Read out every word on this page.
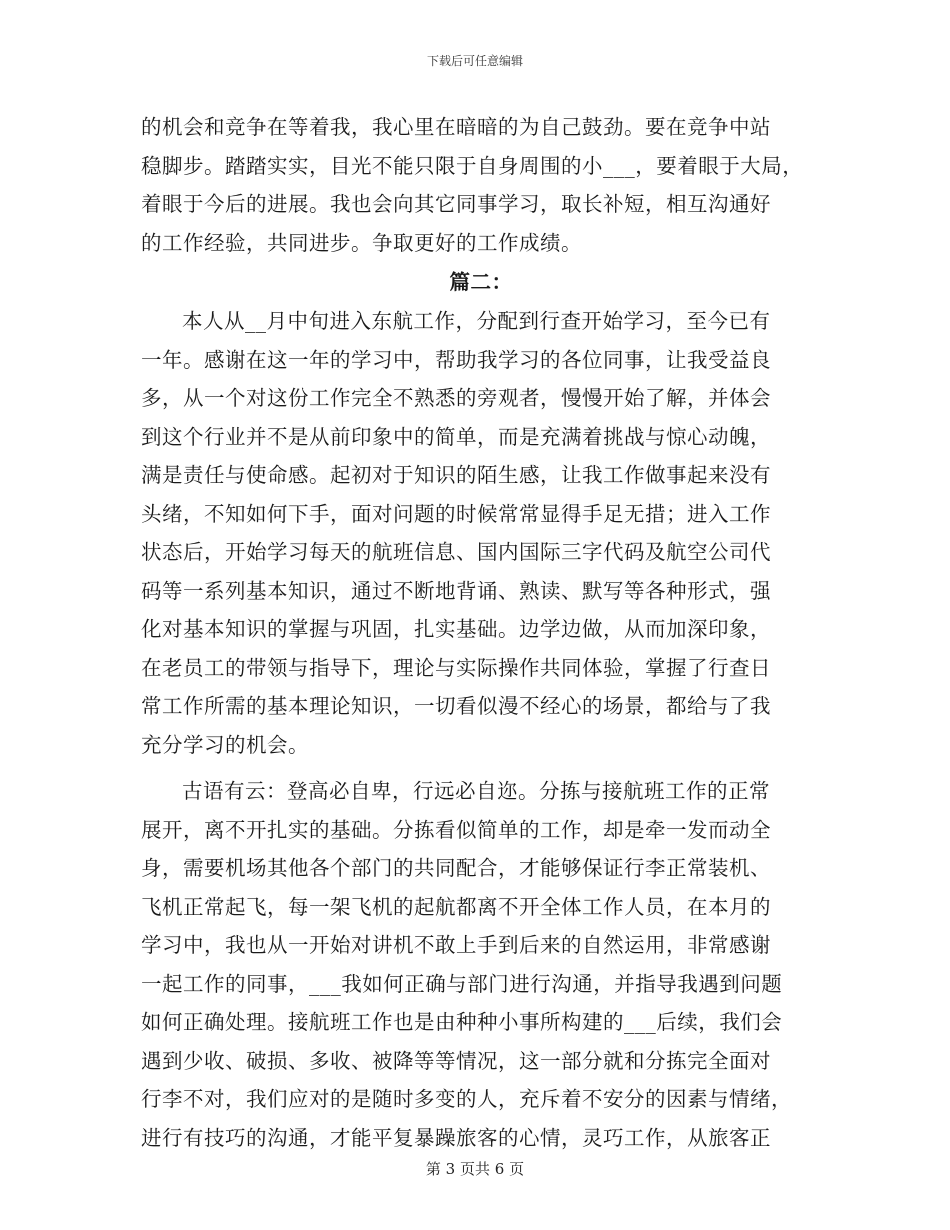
下载后可任意编辑
的机会和竞争在等着我，我心里在暗暗的为自己鼓劲。要在竞争中站
稳脚步。踏踏实实，目光不能只限于自身周围的小___，要着眼于大局，
着眼于今后的进展。我也会向其它同事学习，取长补短，相互沟通好
的工作经验，共同进步。争取更好的工作成绩。
篇二：
本人从__月中旬进入东航工作，分配到行查开始学习，至今已有
一年。感谢在这一年的学习中，帮助我学习的各位同事，让我受益良
多，从一个对这份工作完全不熟悉的旁观者，慢慢开始了解，并体会
到这个行业并不是从前印象中的简单，而是充满着挑战与惊心动魄，
满是责任与使命感。起初对于知识的陌生感，让我工作做事起来没有
头绪，不知如何下手，面对问题的时候常常显得手足无措；进入工作
状态后，开始学习每天的航班信息、国内国际三字代码及航空公司代
码等一系列基本知识，通过不断地背诵、熟读、默写等各种形式，强
化对基本知识的掌握与巩固，扎实基础。边学边做，从而加深印象，
在老员工的带领与指导下，理论与实际操作共同体验，掌握了行查日
常工作所需的基本理论知识，一切看似漫不经心的场景，都给与了我
充分学习的机会。
古语有云：登高必自卑，行远必自迩。分拣与接航班工作的正常
展开，离不开扎实的基础。分拣看似简单的工作，却是牵一发而动全
身，需要机场其他各个部门的共同配合，才能够保证行李正常装机、
飞机正常起飞，每一架飞机的起航都离不开全体工作人员，在本月的
学习中，我也从一开始对讲机不敢上手到后来的自然运用，非常感谢
一起工作的同事，___我如何正确与部门进行沟通，并指导我遇到问题
如何正确处理。接航班工作也是由种种小事所构建的___后续，我们会
遇到少收、破损、多收、被降等等情况，这一部分就和分拣完全面对
行李不对，我们应对的是随时多变的人，充斥着不安分的因素与情绪，
进行有技巧的沟通，才能平复暴躁旅客的心情，灵巧工作，从旅客正
第 3 页共 6 页
